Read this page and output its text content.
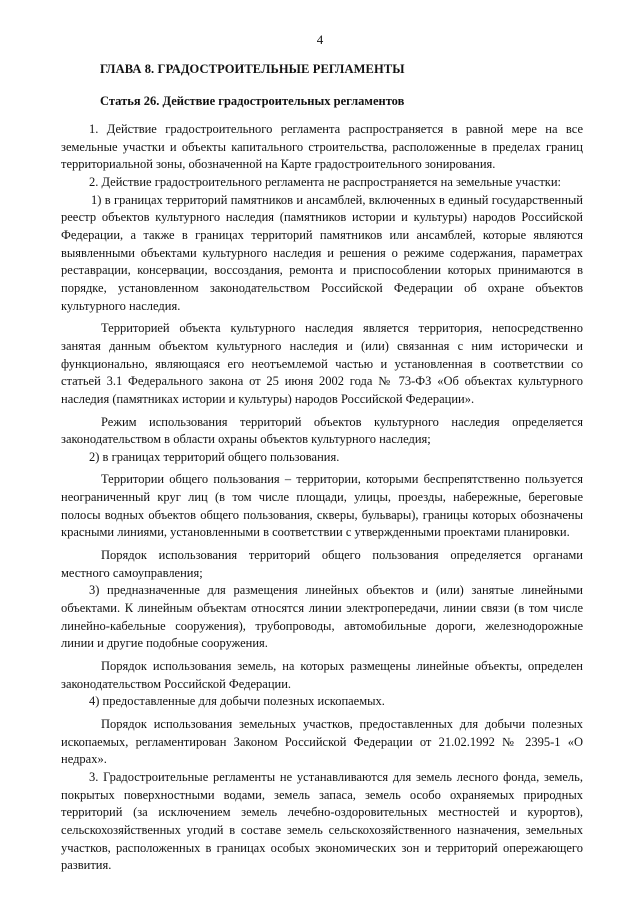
4
ГЛАВА 8. ГРАДОСТРОИТЕЛЬНЫЕ РЕГЛАМЕНТЫ
Статья 26. Действие градостроительных регламентов

1. Действие градостроительного регламента распространяется в равной мере на все земельные участки и объекты капитального строительства, расположенные в пределах границ территориальной зоны, обозначенной на Карте градостроительного зонирования.

2. Действие градостроительного регламента не распространяется на земельные участки:

1) в границах территорий памятников и ансамблей, включенных в единый государственный реестр объектов культурного наследия (памятников истории и культуры) народов Российской Федерации, а также в границах территорий памятников или ансамблей, которые являются выявленными объектами культурного наследия и решения о режиме содержания, параметрах реставрации, консервации, воссоздания, ремонта и приспособлении которых принимаются в порядке, установленном законодательством Российской Федерации об охране объектов культурного наследия.

Территорией объекта культурного наследия является территория, непосредственно занятая данным объектом культурного наследия и (или) связанная с ним исторически и функционально, являющаяся его неотъемлемой частью и установленная в соответствии со статьей 3.1 Федерального закона от 25 июня 2002 года № 73-ФЗ «Об объектах культурного наследия (памятниках истории и культуры) народов Российской Федерации».

Режим использования территорий объектов культурного наследия определяется законодательством в области охраны объектов культурного наследия;

2) в границах территорий общего пользования.

Территории общего пользования – территории, которыми беспрепятственно пользуется неограниченный круг лиц (в том числе площади, улицы, проезды, набережные, береговые полосы водных объектов общего пользования, скверы, бульвары), границы которых обозначены красными линиями, установленными в соответствии с утвержденными проектами планировки.

Порядок использования территорий общего пользования определяется органами местного самоуправления;

3) предназначенные для размещения линейных объектов и (или) занятые линейными объектами. К линейным объектам относятся линии электропередачи, линии связи (в том числе линейно-кабельные сооружения), трубопроводы, автомобильные дороги, железнодорожные линии и другие подобные сооружения.

Порядок использования земель, на которых размещены линейные объекты, определен законодательством Российской Федерации.

4) предоставленные для добычи полезных ископаемых.

Порядок использования земельных участков, предоставленных для добычи полезных ископаемых, регламентирован Законом Российской Федерации от 21.02.1992 № 2395-1 «О недрах».

3. Градостроительные регламенты не устанавливаются для земель лесного фонда, земель, покрытых поверхностными водами, земель запаса, земель особо охраняемых природных территорий (за исключением земель лечебно-оздоровительных местностей и курортов), сельскохозяйственных угодий в составе земель сельскохозяйственного назначения, земельных участков, расположенных в границах особых экономических зон и территорий опережающего развития.
